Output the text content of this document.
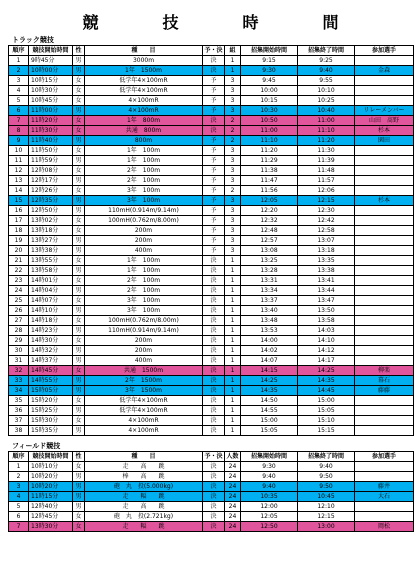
競　技　時　間
トラック競技
順序	競技開始時間	性	種　　目	予・決	組	招集開始時間	招集終了時間	参加選手
1	9時45分	男	3000m	決	1	9:15	9:25	
2	10時00分	男	1年　1500m	決	1	9:30	9:40	金森
3	10時15分	女	低学年4×100mR	予	3	9:45	9:55	
4	10時30分	女	低学年4×100mR	予	3	10:00	10:10	
5	10時45分	女	4×100mR	予	3	10:15	10:25	
6	11時00分	男	4×100mR	予	3	10:30	10:40	リレーメンバー
7	11時20分	女	1年　800m	決	2	10:50	11:00	山田　髙野
8	11時30分	女	共通　800m	決	2	11:00	11:10	杉本
9	11時40分	男	800m	予	2	11:10	11:20	園田
10	11時50分	女	1年　100m	予	3	11:20	11:30	
11	11時59分	男	1年　100m	予	3	11:29	11:39	
12	12時08分	女	2年　100m	予	3	11:38	11:48	
13	12時17分	男	2年　100m	予	3	11:47	11:57	
14	12時26分	女	3年　100m	予	2	11:56	12:06	
15	12時35分	男	3年　100m	予	3	12:05	12:15	杉本
16	12時50分	男	110mH(0.914m/9.14m)	予	3	12:20	12:30	
17	13時02分	女	100mH(0.762m/8.00m)	予	3	12:32	12:42	
18	13時18分	女	200m	予	3	12:48	12:58	
19	13時27分	男	200m	予	3	12:57	13:07	
20	13時38分	男	400m	予	3	13:08	13:18	
21	13時55分	女	1年　100m	決	1	13:25	13:35	
22	13時58分	男	1年　100m	決	1	13:28	13:38	
23	14時01分	女	2年　100m	決	1	13:31	13:41	
24	14時04分	男	2年　100m	決	1	13:34	13:44	
25	14時07分	女	3年　100m	決	1	13:37	13:47	
26	14時10分	男	3年　100m	決	1	13:40	13:50	
27	14時18分	女	100mH(0.762m/8.00m)	決	1	13:48	13:58	
28	14時23分	男	110mH(0.914m/9.14m)	決	1	13:53	14:03	
29	14時30分	女	200m	決	1	14:00	14:10	
30	14時32分	男	200m	決	1	14:02	14:12	
31	14時37分	男	400m	決	1	14:07	14:17	
32	14時45分	女	共通　1500m	決	1	14:15	14:25	柳楽
33	14時55分	男	2年　1500m	決	1	14:25	14:35	幕石
34	15時05分	男	3年　1500m	決	1	14:35	14:45	藤藤
35	15時20分	女	低学年4×100mR	決	1	14:50	15:00	
36	15時25分	男	低学年4×100mR	決	1	14:55	15:05	
37	15時30分	女	4×100mR	決	1	15:00	15:10	
38	15時35分	男	4×100mR	決	1	15:05	15:15	
フィールド競技
順序	競技開始時間	性	種　　目	予・決	人数	招集開始時間	招集終了時間	参加選手
1	10時10分	女	走　　高　　跳	決	24	9:30	9:40	
2	10時20分	男	棒　　高　　跳	決	24	9:40	9:50	
3	10時20分	男	砲　丸　投(5.000kg)	決	24	9:40	9:50	藤井
4	11時15分	男	走　　幅　　跳	決	24	10:35	10:45	大石
5	12時40分	男	走　　高　　跳	決	24	12:00	12:10	
6	12時45分	女	砲　丸　投(2.721kg)	決	24	12:05	12:15	
7	13時30分	女	走　　幅　　跳	決	24	12:50	13:00	岡松
